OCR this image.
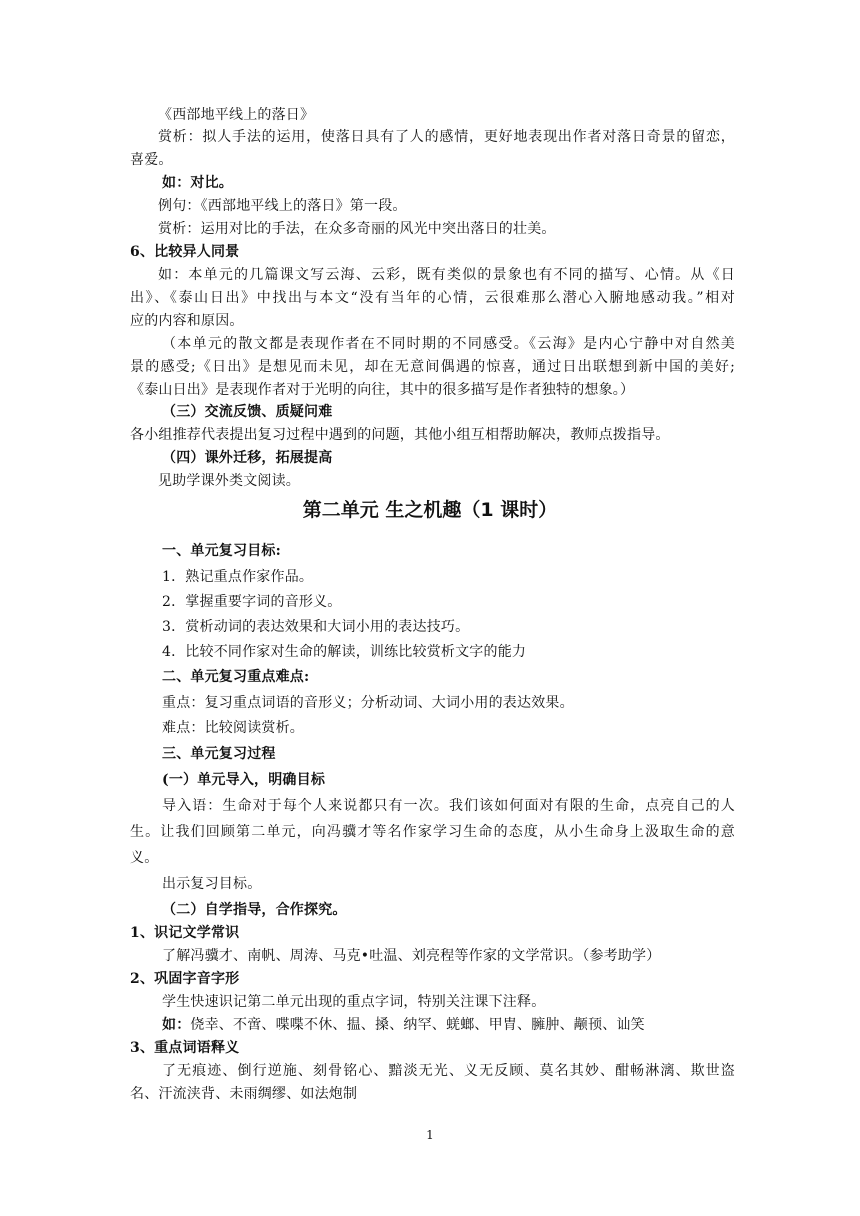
《西部地平线上的落日》
赏析：拟人手法的运用，使落日具有了人的感情，更好地表现出作者对落日奇景的留恋，
喜爱。
如：对比。
例句：《西部地平线上的落日》第一段。
赏析：运用对比的手法，在众多奇丽的风光中突出落日的壮美。
6、比较异人同景
如：本单元的几篇课文写云海、云彩，既有类似的景象也有不同的描写、心情。从《日
出》、《泰山日出》中找出与本文“没有当年的心情，云很难那么潜心入腑地感动我。”相对
应的内容和原因。
（本单元的散文都是表现作者在不同时期的不同感受。《云海》是内心宁静中对自然美
景的感受;《日出》是想见而未见，却在无意间偶遇的惊喜，通过日出联想到新中国的美好;
《泰山日出》是表现作者对于光明的向往，其中的很多描写是作者独特的想象。）
（三）交流反馈、质疑问难
各小组推荐代表提出复习过程中遇到的问题，其他小组互相帮助解决，教师点拨指导。
（四）课外迁移，拓展提高
见助学课外类文阅读。
第二单元 生之机趣（1 课时）
一、单元复习目标:
1．熟记重点作家作品。
2．掌握重要字词的音形义。
3．赏析动词的表达效果和大词小用的表达技巧。
4．比较不同作家对生命的解读，训练比较赏析文字的能力
二、单元复习重点难点:
重点：复习重点词语的音形义；分析动词、大词小用的表达效果。
难点：比较阅读赏析。
三、单元复习过程
(一）单元导入，明确目标
导入语：生命对于每个人来说都只有一次。我们该如何面对有限的生命，点亮自己的人
生。让我们回顾第二单元，向冯骥才等名作家学习生命的态度，从小生命身上汲取生命的意
义。
出示复习目标。
（二）自学指导，合作探究。
1、识记文学常识
了解冯骥才、南帆、周涛、马克•吐温、刘亮程等作家的文学常识。（参考助学）
2、巩固字音字形
学生快速识记第二单元出现的重点字词，特别关注课下注释。
如：侥幸、不啻、喋喋不休、揾、搡、纳罕、蜣螂、甲胄、臃肿、颟顸、讪笑
3、重点词语释义
了无痕迹、倒行逆施、刻骨铭心、黯淡无光、义无反顾、莫名其妙、酣畅淋漓、欺世盗
名、汗流浃背、未雨绸缪、如法炮制
1
